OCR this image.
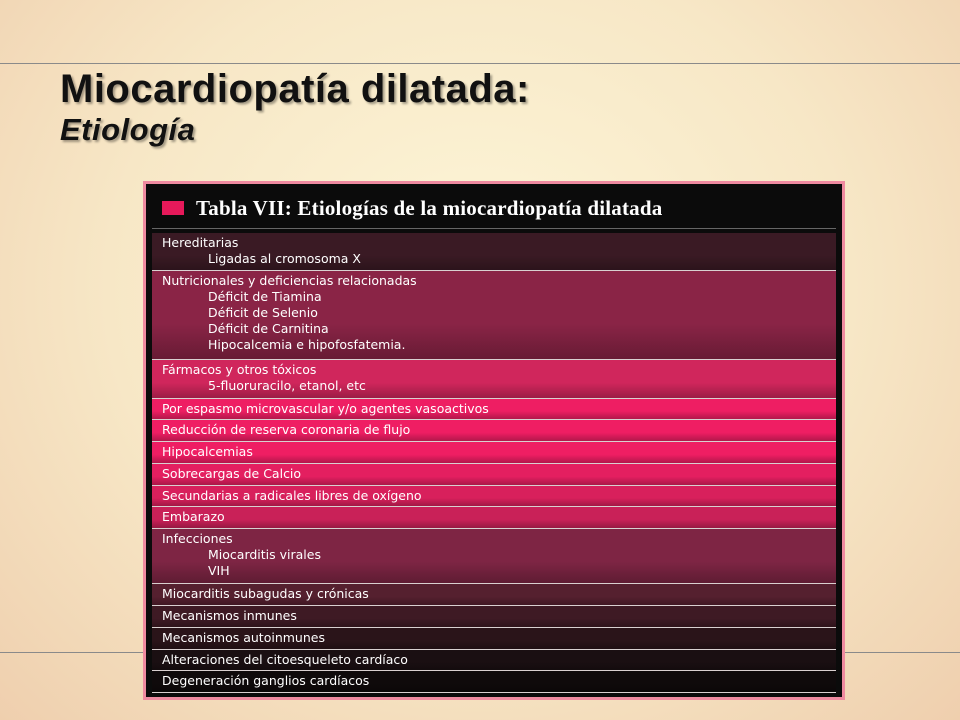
Miocardiopatía dilatada:
Etiología
Tabla VII: Etiologías de la miocardiopatía dilatada
Hereditarias
Ligadas al cromosoma X
Nutricionales y deficiencias relacionadas
Déficit de Tiamina
Déficit de Selenio
Déficit de Carnitina
Hipocalcemia e hipofosfatemia.
Fármacos y otros tóxicos
5-fluoruracilo, etanol, etc
Por espasmo microvascular y/o agentes vasoactivos
Reducción de reserva coronaria de flujo
Hipocalcemias
Sobrecargas de Calcio
Secundarias a radicales libres de oxígeno
Embarazo
Infecciones
Miocarditis virales
VIH
Miocarditis subagudas y crónicas
Mecanismos inmunes
Mecanismos autoinmunes
Alteraciones del citoesqueleto cardíaco
Degeneración ganglios cardíacos
